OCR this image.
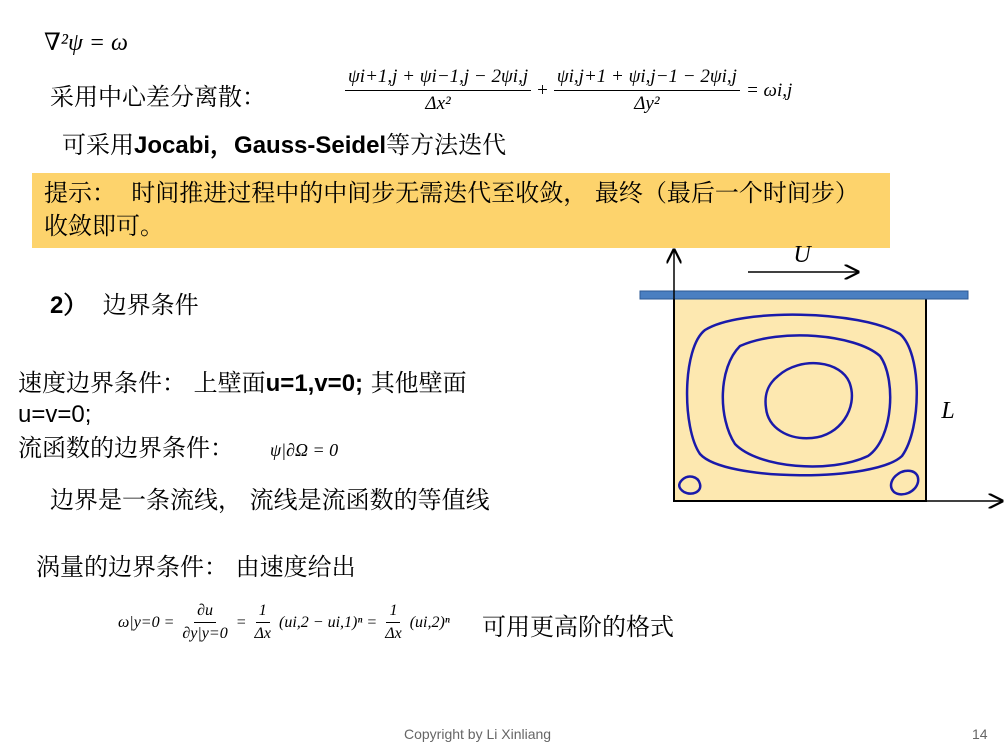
∇²ψ = ω
采用中心差分离散：	$\frac{\psi i+1,j + \psi i-1,j - 2\psi i,j}{\text{Δx²}} + \frac{\psi i,j+1 + \psi i,j-1 - 2\psi i,j}{\text{Δy²}} = \omega i,j$
可采用Jocabi，Gauss-Seidel等方法迭代
提示： 时间推进过程中的中间步无需迭代至收敛， 最终（最后一个时间步）收敛即可。
2） 边界条件
速度边界条件： 上壁面u=1,v=0; 其他壁面
u=v=0;
流函数的边界条件： ψ|∂Ω = 0
边界是一条流线， 流线是流函数的等值线
涡量的边界条件： 由速度给出
$\omega|y=0 = \frac{\partial u}{\partial y|y=0} = \frac{1}{\Delta x} (ui,2 - ui,1)^n = \frac{1}{\Delta x} (ui,2)^n$ 可用更高阶的格式
U
L
Copyright by Li Xinliang	14
